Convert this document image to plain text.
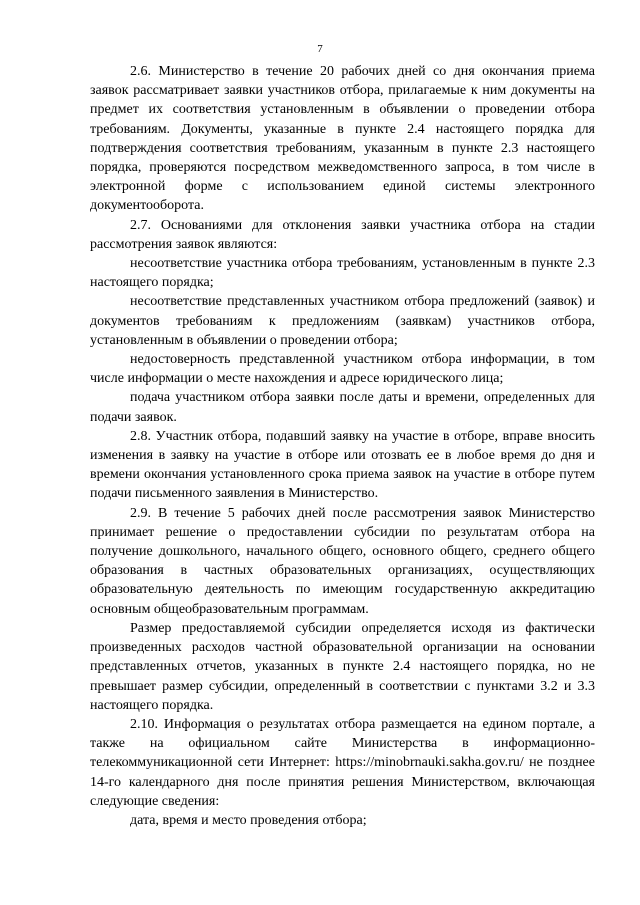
7

2.6. Министерство в течение 20 рабочих дней со дня окончания приема заявок рассматривает заявки участников отбора, прилагаемые к ним документы на предмет их соответствия установленным в объявлении о проведении отбора требованиям. Документы, указанные в пункте 2.4 настоящего порядка для подтверждения соответствия требованиям, указанным в пункте 2.3 настоящего порядка, проверяются посредством межведомственного запроса, в том числе в электронной форме с использованием единой системы электронного документооборота.

2.7. Основаниями для отклонения заявки участника отбора на стадии рассмотрения заявок являются:

несоответствие участника отбора требованиям, установленным в пункте 2.3 настоящего порядка;

несоответствие представленных участником отбора предложений (заявок) и документов требованиям к предложениям (заявкам) участников отбора, установленным в объявлении о проведении отбора;

недостоверность представленной участником отбора информации, в том числе информации о месте нахождения и адресе юридического лица;

подача участником отбора заявки после даты и времени, определенных для подачи заявок.

2.8. Участник отбора, подавший заявку на участие в отборе, вправе вносить изменения в заявку на участие в отборе или отозвать ее в любое время до дня и времени окончания установленного срока приема заявок на участие в отборе путем подачи письменного заявления в Министерство.

2.9. В течение 5 рабочих дней после рассмотрения заявок Министерство принимает решение о предоставлении субсидии по результатам отбора на получение дошкольного, начального общего, основного общего, среднего общего образования в частных образовательных организациях, осуществляющих образовательную деятельность по имеющим государственную аккредитацию основным общеобразовательным программам.

Размер предоставляемой субсидии определяется исходя из фактически произведенных расходов частной образовательной организации на основании представленных отчетов, указанных в пункте 2.4 настоящего порядка, но не превышает размер субсидии, определенный в соответствии с пунктами 3.2 и 3.3 настоящего порядка.

2.10. Информация о результатах отбора размещается на едином портале, а также на официальном сайте Министерства в информационно-телекоммуникационной сети Интернет: https://minobrnauki.sakha.gov.ru/ не позднее 14-го календарного дня после принятия решения Министерством, включающая следующие сведения:

дата, время и место проведения отбора;
